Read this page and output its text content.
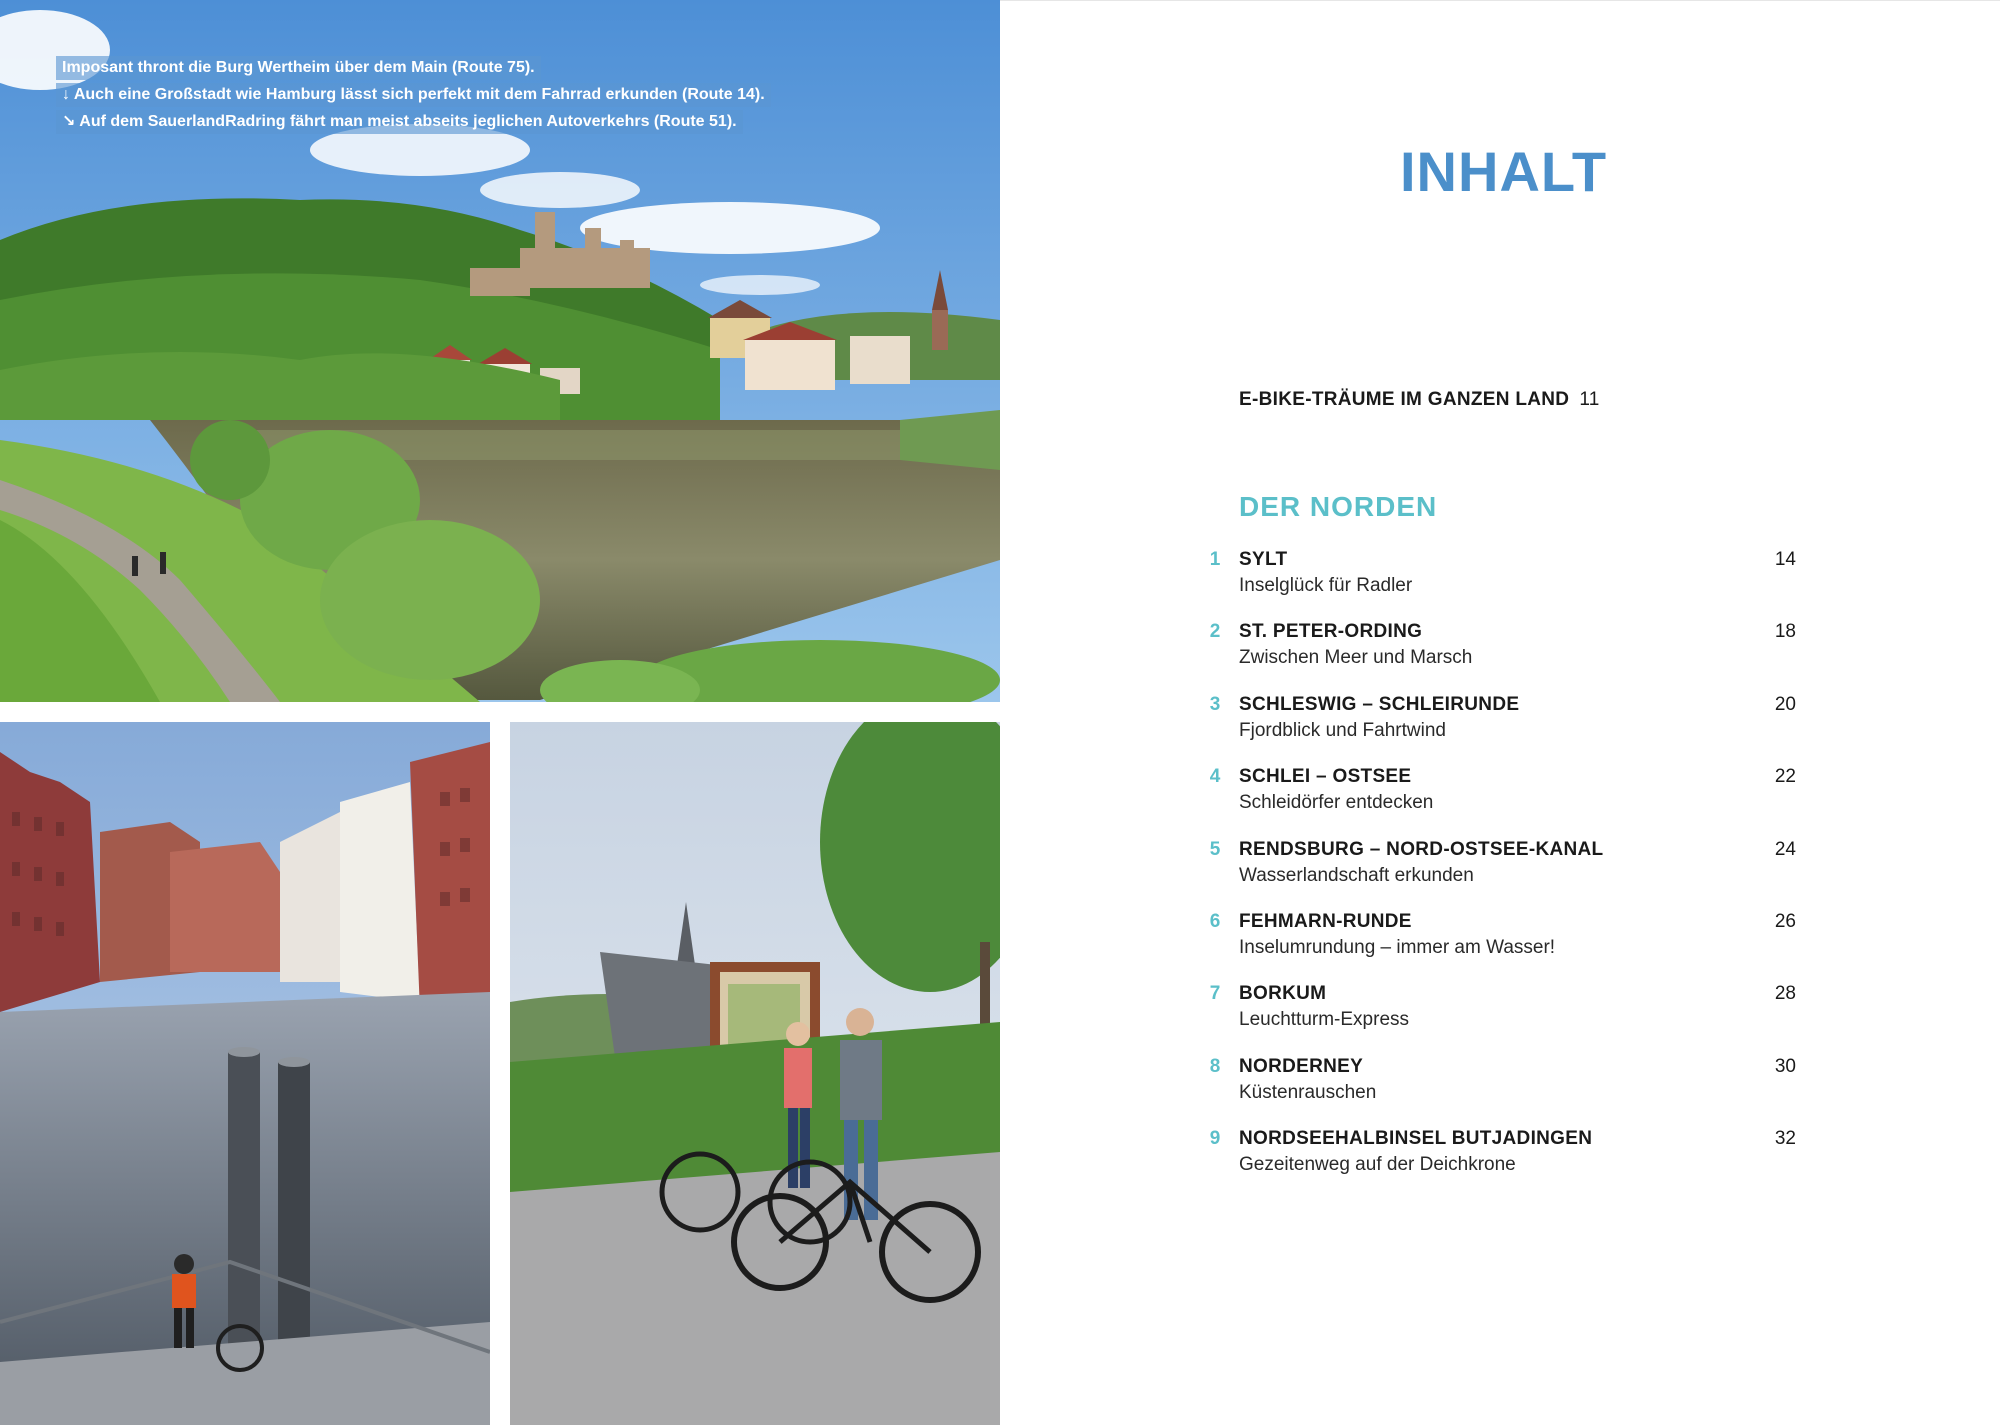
Imposant thront die Burg Wertheim über dem Main (Route 75).
↓ Auch eine Großstadt wie Hamburg lässt sich perfekt mit dem Fahrrad erkunden (Route 14).
↘ Auf dem SauerlandRadring fährt man meist abseits jeglichen Autoverkehrs (Route 51).
INHALT
E-BIKE-TRÄUME IM GANZEN LAND 11
DER NORDEN
1 SYLT
Inselglück für Radler
14
2 ST. PETER-ORDING
Zwischen Meer und Marsch
18
3 SCHLESWIG – SCHLEIRUNDE
Fjordblick und Fahrtwind
20
4 SCHLEI – OSTSEE
Schleidörfer entdecken
22
5 RENDSBURG – NORD-OSTSEE-KANAL
Wasserlandschaft erkunden
24
6 FEHMARN-RUNDE
Inselumrundung – immer am Wasser!
26
7 BORKUM
Leuchtturm-Express
28
8 NORDERNEY
Küstenrauschen
30
9 NORDSEEHALBINSEL BUTJADINGEN
Gezeitenweg auf der Deichkrone
32
